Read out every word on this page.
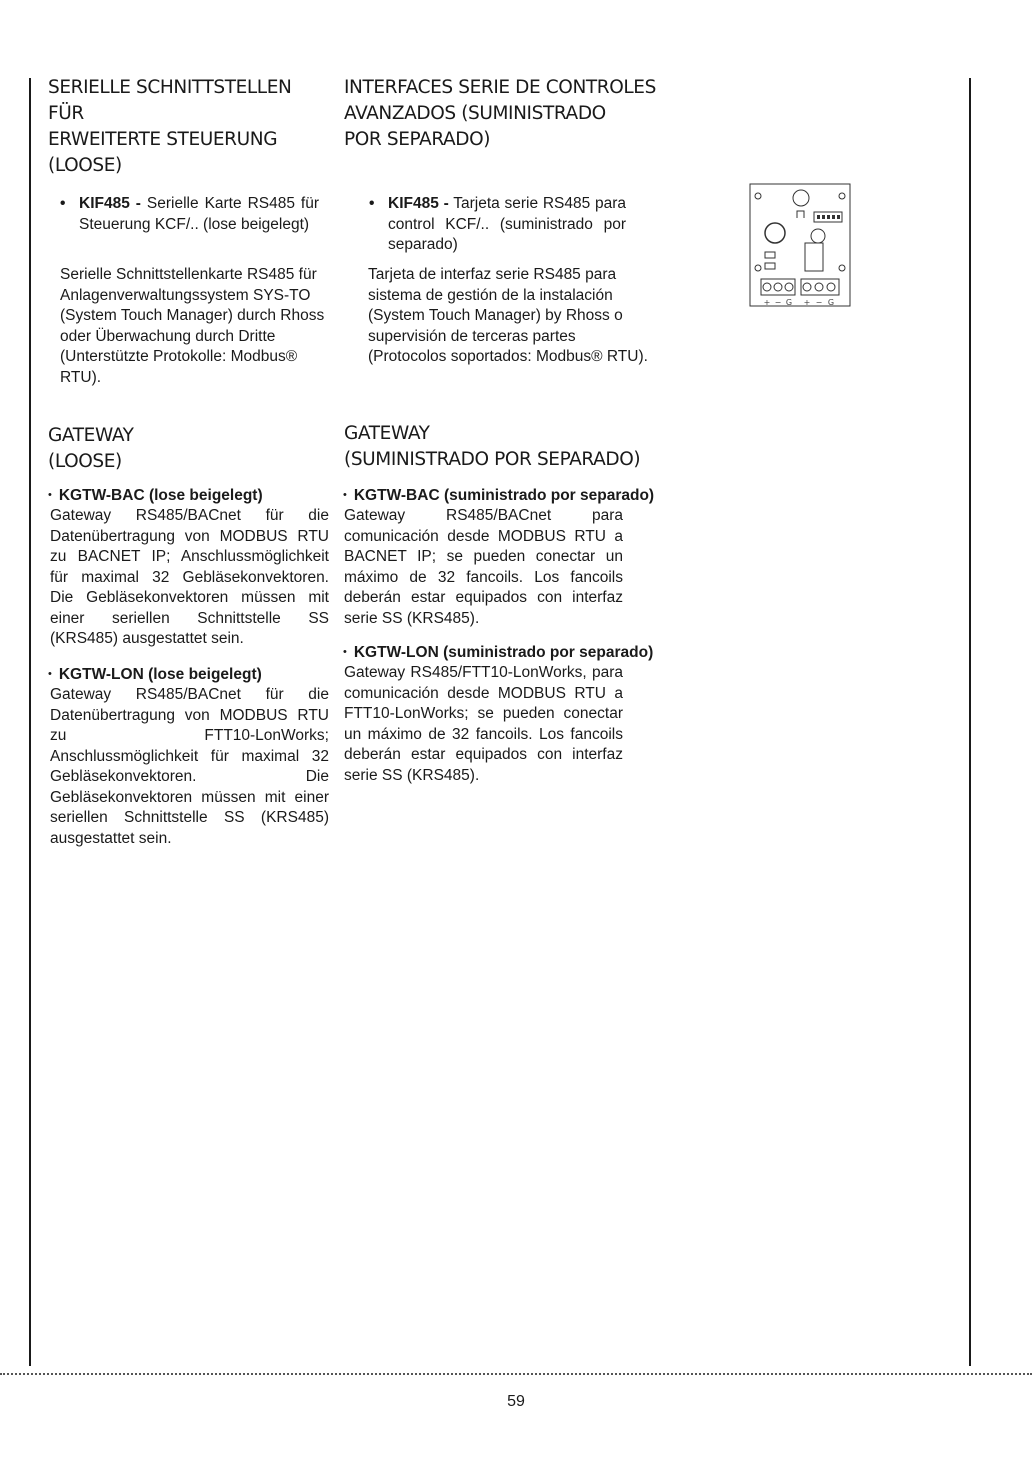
SERIELLE SCHNITTSTELLEN
FÜR
ERWEITERTE STEUERUNG
(LOOSE)
• KIF485 - Serielle Karte RS485 für Steuerung KCF/.. (lose beigelegt)
Serielle Schnittstellenkarte RS485 für Anlagenverwaltungssystem SYS-TO (System Touch Manager) durch Rhoss oder Überwachung durch Dritte (Unterstützte Protokolle: Modbus® RTU).
GATEWAY
(LOOSE)
• KGTW-BAC (lose beigelegt)
Gateway RS485/BACnet für die Datenübertragung von MODBUS RTU zu BACNET IP; Anschlussmöglichkeit für maximal 32 Gebläsekonvektoren. Die Gebläsekonvektoren müssen mit einer seriellen Schnittstelle SS (KRS485) ausgestattet sein.
• KGTW-LON (lose beigelegt)
Gateway RS485/BACnet für die Datenübertragung von MODBUS RTU zu FTT10-LonWorks; Anschlussmöglichkeit für maximal 32 Gebläsekonvektoren. Die Gebläsekonvektoren müssen mit einer seriellen Schnittstelle SS (KRS485) ausgestattet sein.
INTERFACES SERIE DE CONTROLES
AVANZADOS (SUMINISTRADO
POR SEPARADO)
• KIF485 - Tarjeta serie RS485 para control KCF/.. (suministrado por separado)
Tarjeta de interfaz serie RS485 para sistema de gestión de la instalación (System Touch Manager) by Rhoss o supervisión de terceras partes (Protocolos soportados: Modbus® RTU).
GATEWAY
(SUMINISTRADO POR SEPARADO)
• KGTW-BAC (suministrado por separado)
Gateway RS485/BACnet para comunicación desde MODBUS RTU a BACNET IP; se pueden conectar un máximo de 32 fancoils. Los fancoils deberán estar equipados con interfaz serie SS (KRS485).
• KGTW-LON (suministrado por separado)
Gateway RS485/FTT10-LonWorks, para comunicación desde MODBUS RTU a FTT10-LonWorks; se pueden conectar un máximo de 32 fancoils. Los fancoils deberán estar equipados con interfaz serie SS (KRS485).
+ − G + − G
59
